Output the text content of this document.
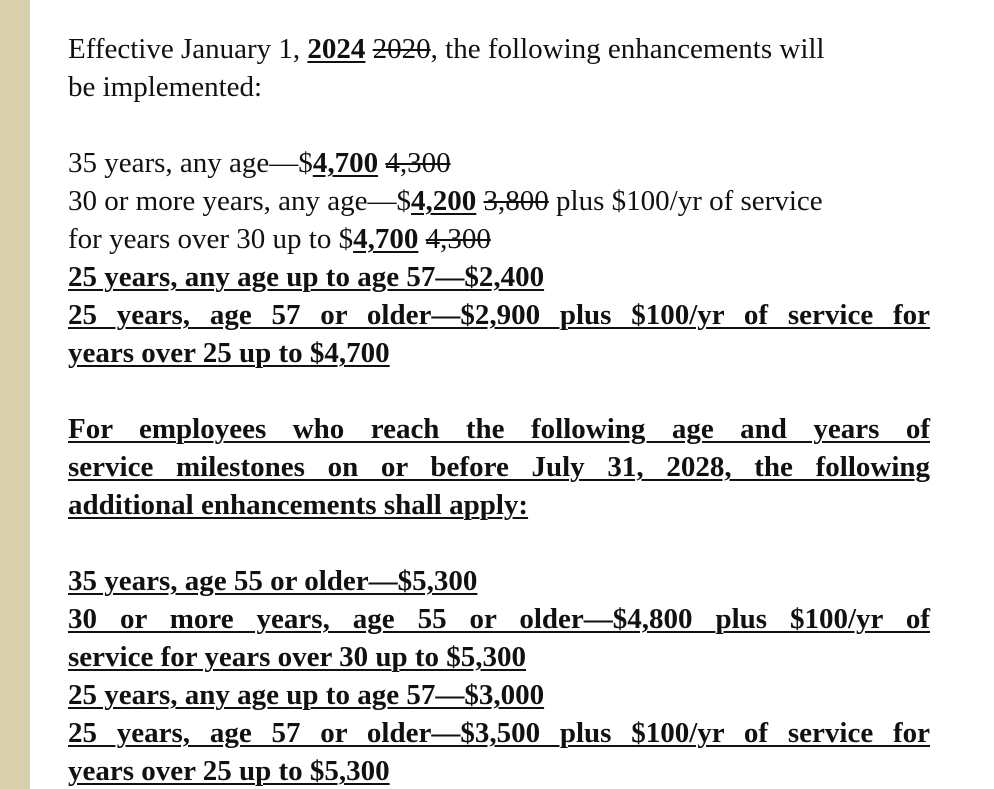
Effective January 1, 2024 2020, the following enhancements will
be implemented:
35 years, any age—$4,700 4,300
30 or more years, any age—$4,200 3,800 plus $100/yr of service
for years over 30 up to $4,700 4,300
25 years, any age up to age 57—$2,400
25 years, age 57 or older—$2,900 plus $100/yr of service for
years over 25 up to $4,700
For employees who reach the following age and years of
service milestones on or before July 31, 2028, the following
additional enhancements shall apply:
35 years, age 55 or older—$5,300
30 or more years, age 55 or older—$4,800 plus $100/yr of
service for years over 30 up to $5,300
25 years, any age up to age 57—$3,000
25 years, age 57 or older—$3,500 plus $100/yr of service for
years over 25 up to $5,300
